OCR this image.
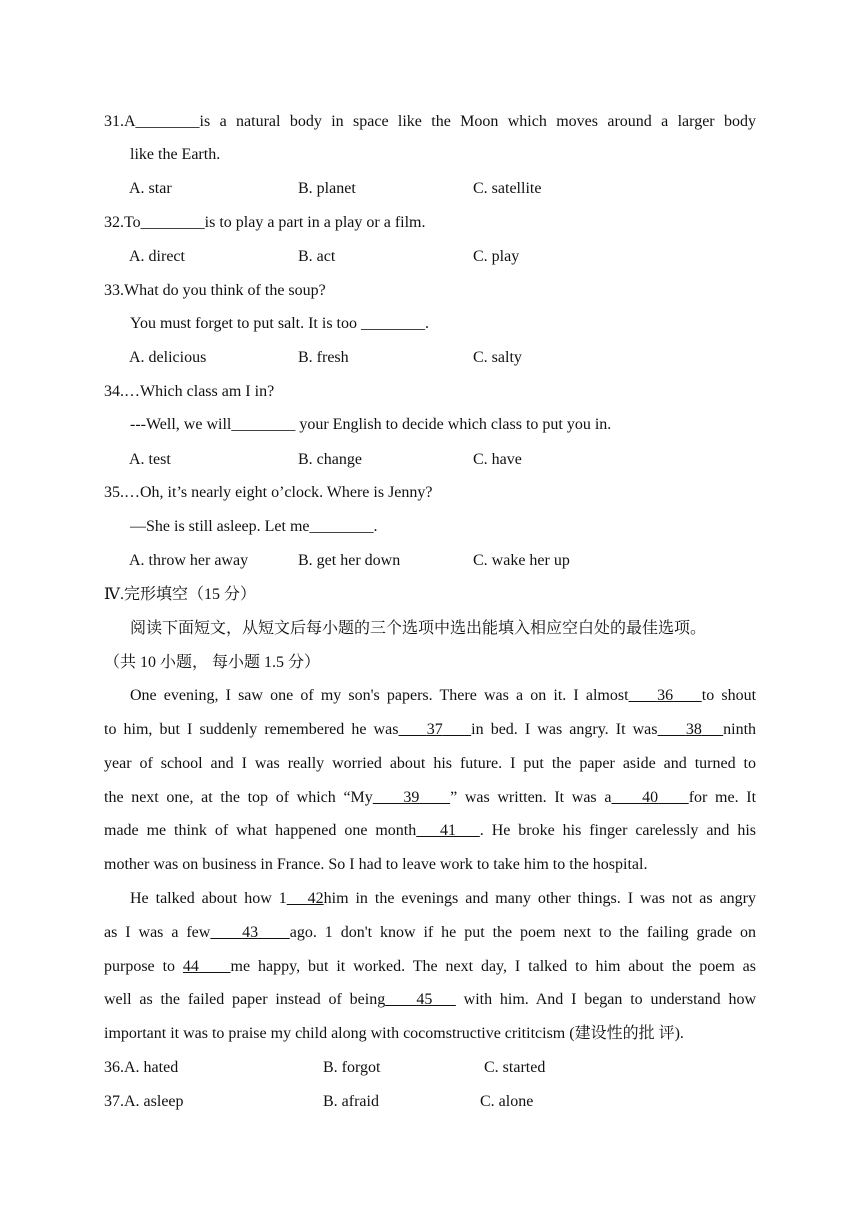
31.A________is a natural body in space like the Moon which moves around a larger body
like the Earth.
A. star	B. planet	C. satellite
32.To________is to play a part in a play or a film.
A. direct	B. act	C. play
33.What do you think of the soup?
You must forget to put salt. It is too ________.
A. delicious	B. fresh	C. salty
34.…Which class am I in?
---Well, we will________ your English to decide which class to put you in.
A. test	B. change	C. have
35.…Oh, it’s nearly eight o’clock. Where is Jenny?
—She is still asleep. Let me________.
A. throw her away	B. get her down	C. wake her up
Ⅳ.完形填空（15 分）
阅读下面短文，从短文后每小题的三个选项中选出能填入相应空白处的最佳选项。
（共 10 小题， 每小题 1.5 分）
One evening, I saw one of my son's papers. There was a on it. I almost 36 to shout
to him, but I suddenly remembered he was 37 in bed. I was angry. It was 38 ninth
year of school and I was really worried about his future. I put the paper aside and turned to
the next one, at the top of which “My 39 ” was written. It was a 40 for me. It
made me think of what happened one month 41 . He broke his finger carelessly and his
mother was on business in France. So I had to leave work to take him to the hospital.
He talked about how 1 42him in the evenings and many other things. I was not as angry
as I was a few 43 ago. 1 don't know if he put the poem next to the failing grade on
purpose to 44 me happy, but it worked. The next day, I talked to him about the poem as
well as the failed paper instead of being 45 with him. And I began to understand how
important it was to praise my child along with cocomstructive crititcism (建设性的批 评).
36.A. hated	B. forgot	C. started
37.A. asleep	B. afraid	C. alone
